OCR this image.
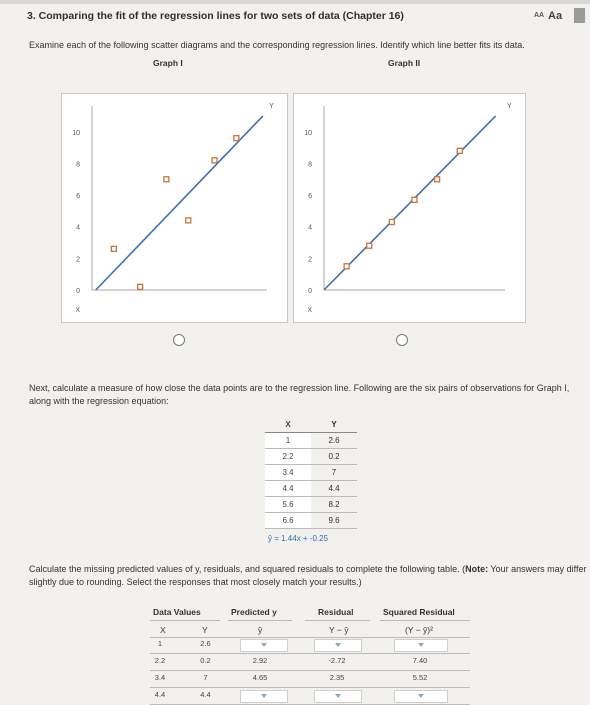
3. Comparing the fit of the regression lines for two sets of data (Chapter 16)	AA Aa
Examine each of the following scatter diagrams and the corresponding regression lines. Identify which line better fits its data.
Graph I	Graph II
10
8
6
4
2
0
X
Y
10
8
6
4
2
0
X
Y
Next, calculate a measure of how close the data points are to the regression line. Following are the six pairs of observations for Graph I, along with the regression equation:
X	Y
1	2.6
2.2	0.2
3.4	7
4.4	4.4
5.6	8.2
6.6	9.6
ŷ = 1.44x + -0.25
Calculate the missing predicted values of y, residuals, and squared residuals to complete the following table. (Note: Your answers may differ slightly due to rounding. Select the responses that most closely match your results.)
Data Values	Predicted y	Residual	Squared Residual
X	Y	ŷ	Y − ŷ	(Y − ŷ)²
1	2.6
2.2	0.2	2.92	-2.72	7.40
3.4	7	4.65	2.35	5.52
4.4	4.4
